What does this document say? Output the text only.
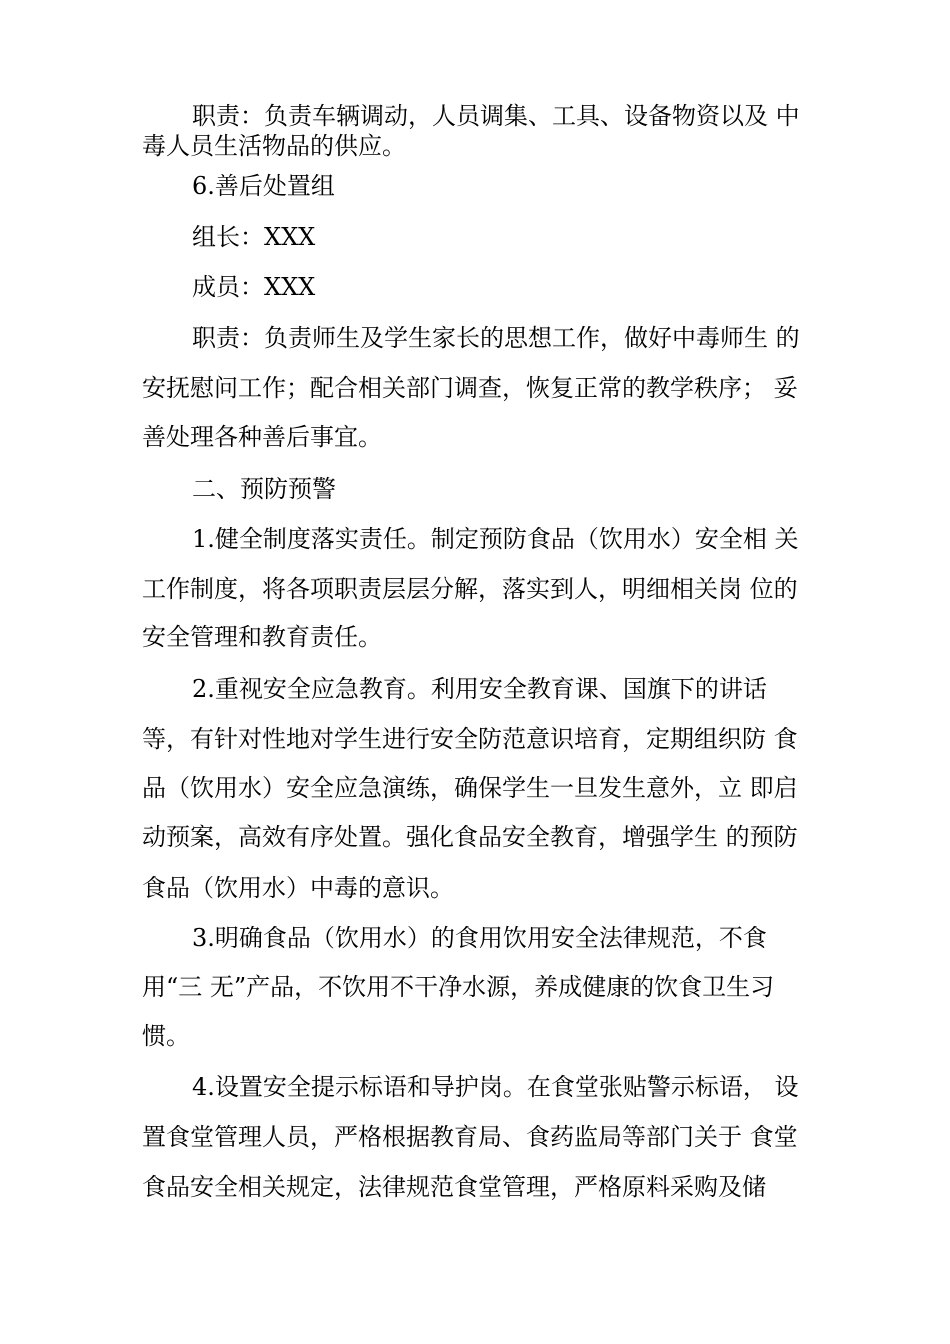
职责：负责车辆调动，人员调集、工具、设备物资以及 中

毒人员生活物品的供应。

6.善后处置组

组长：XXX

成员：XXX

职责：负责师生及学生家长的思想工作，做好中毒师生 的

安抚慰问工作；配合相关部门调查，恢复正常的教学秩序； 妥

善处理各种善后事宜。

二、预防预警

1.健全制度落实责任。制定预防食品（饮用水）安全相 关

工作制度，将各项职责层层分解，落实到人，明细相关岗 位的

安全管理和教育责任。

2.重视安全应急教育。利用安全教育课、国旗下的讲话

等，有针对性地对学生进行安全防范意识培育，定期组织防 食

品（饮用水）安全应急演练，确保学生一旦发生意外，立 即启

动预案，高效有序处置。强化食品安全教育，增强学生 的预防

食品（饮用水）中毒的意识。

3.明确食品（饮用水）的食用饮用安全法律规范，不食

用“三 无”产品，不饮用不干净水源，养成健康的饮食卫生习

惯。

4.设置安全提示标语和导护岗。在食堂张贴警示标语， 设

置食堂管理人员，严格根据教育局、食药监局等部门关于 食堂

食品安全相关规定，法律规范食堂管理，严格原料采购及储
